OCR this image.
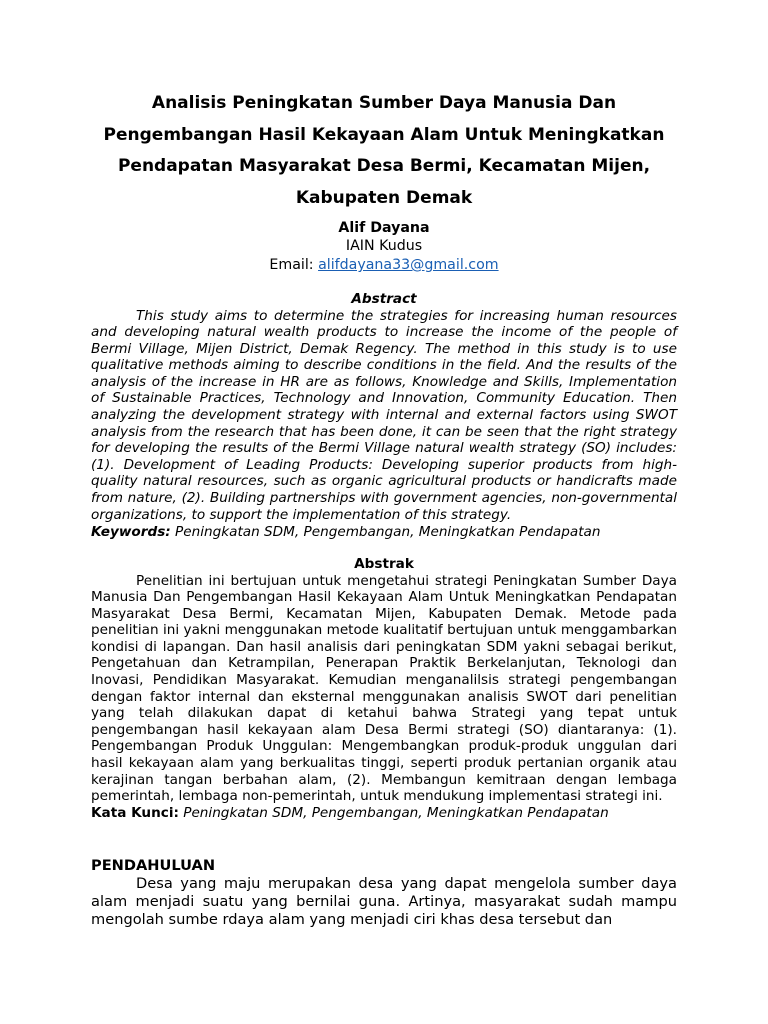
Analisis Peningkatan Sumber Daya Manusia Dan
Pengembangan Hasil Kekayaan Alam Untuk Meningkatkan
Pendapatan Masyarakat Desa Bermi, Kecamatan Mijen,
Kabupaten Demak
Alif Dayana
IAIN Kudus
Email: alifdayana33@gmail.com
Abstract

This study aims to determine the strategies for increasing human resources and developing natural wealth products to increase the income of the people of Bermi Village, Mijen District, Demak Regency. The method in this study is to use qualitative methods aiming to describe conditions in the field. And the results of the analysis of the increase in HR are as follows, Knowledge and Skills, Implementation of Sustainable Practices, Technology and Innovation, Community Education. Then analyzing the development strategy with internal and external factors using SWOT analysis from the research that has been done, it can be seen that the right strategy for developing the results of the Bermi Village natural wealth strategy (SO) includes: (1). Development of Leading Products: Developing superior products from high-quality natural resources, such as organic agricultural products or handicrafts made from nature, (2). Building partnerships with government agencies, non-governmental organizations, to support the implementation of this strategy.

Keywords: Peningkatan SDM, Pengembangan, Meningkatkan Pendapatan

Abstrak

Penelitian ini bertujuan untuk mengetahui strategi Peningkatan Sumber Daya Manusia Dan Pengembangan Hasil Kekayaan Alam Untuk Meningkatkan Pendapatan Masyarakat Desa Bermi, Kecamatan Mijen, Kabupaten Demak. Metode pada penelitian ini yakni menggunakan metode kualitatif bertujuan untuk menggambarkan kondisi di lapangan. Dan hasil analisis dari peningkatan SDM yakni sebagai berikut, Pengetahuan dan Ketrampilan, Penerapan Praktik Berkelanjutan, Teknologi dan Inovasi, Pendidikan Masyarakat. Kemudian menganalilsis strategi pengembangan dengan faktor internal dan eksternal menggunakan analisis SWOT dari penelitian yang telah dilakukan dapat di ketahui bahwa Strategi yang tepat untuk pengembangan hasil kekayaan alam Desa Bermi strategi (SO) diantaranya: (1). Pengembangan Produk Unggulan: Mengembangkan produk-produk unggulan dari hasil kekayaan alam yang berkualitas tinggi, seperti produk pertanian organik atau kerajinan tangan berbahan alam, (2). Membangun kemitraan dengan lembaga pemerintah, lembaga non-pemerintah, untuk mendukung implementasi strategi ini.

Kata Kunci: Peningkatan SDM, Pengembangan, Meningkatkan Pendapatan

PENDAHULUAN

Desa yang maju merupakan desa yang dapat mengelola sumber daya alam menjadi suatu yang bernilai guna. Artinya, masyarakat sudah mampu mengolah sumbe rdaya alam yang menjadi ciri khas desa tersebut dan
